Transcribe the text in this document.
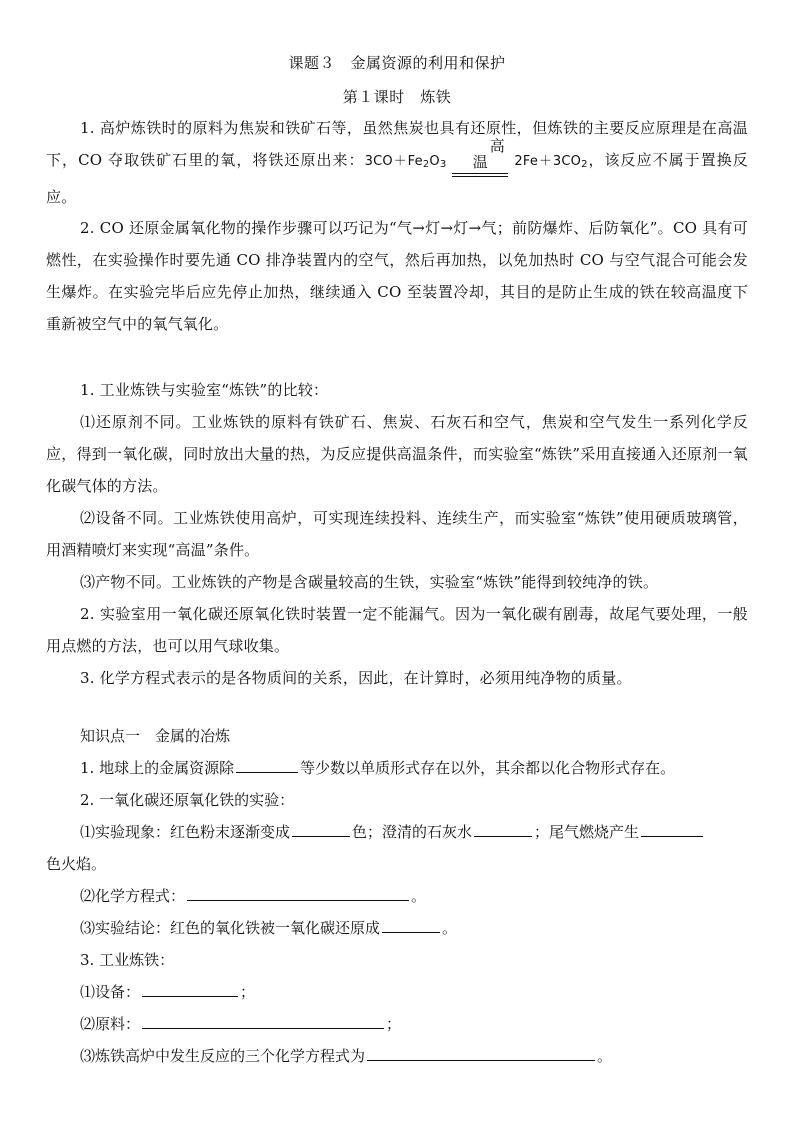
课题３　金属资源的利用和保护
第１课时　炼铁

1. 高炉炼铁时的原料为焦炭和铁矿石等，虽然焦炭也具有还原性，但炼铁的主要反应原理是在高温下，CO 夺取铁矿石里的氧，将铁还原出来：$3CO+Fe_2O_3$
高温	$2Fe+3CO_2$，该反应不属于置换反应。

2. CO 还原金属氧化物的操作步骤可以巧记为“气→灯→灯→气；前防爆炸、后防氧化”。CO 具有可燃性，在实验操作时要先通 CO 排净装置内的空气，然后再加热，以免加热时 CO 与空气混合可能会发生爆炸。在实验完毕后应先停止加热，继续通入 CO 至装置冷却，其目的是防止生成的铁在较高温度下重新被空气中的氧气氧化。

1. 工业炼铁与实验室“炼铁”的比较：

⑴还原剂不同。工业炼铁的原料有铁矿石、焦炭、石灰石和空气，焦炭和空气发生一系列化学反应，得到一氧化碳，同时放出大量的热，为反应提供高温条件，而实验室“炼铁”采用直接通入还原剂一氧化碳气体的方法。

⑵设备不同。工业炼铁使用高炉，可实现连续投料、连续生产，而实验室“炼铁”使用硬质玻璃管，用酒精喷灯来实现“高温”条件。

⑶产物不同。工业炼铁的产物是含碳量较高的生铁，实验室“炼铁”能得到较纯净的铁。

2. 实验室用一氧化碳还原氧化铁时装置一定不能漏气。因为一氧化碳有剧毒，故尾气要处理，一般用点燃的方法，也可以用气球收集。

3. 化学方程式表示的是各物质间的关系，因此，在计算时，必须用纯净物的质量。

知识点一　金属的冶炼
1. 地球上的金属资源除	等少数以单质形式存在以外，其余都以化合物形式存在。
2. 一氧化碳还原氧化铁的实验：
⑴实验现象：红色粉末逐渐变成	色；澄清的石灰水	；尾气燃烧产生
色火焰。
⑵化学方程式：	。
⑶实验结论：红色的氧化铁被一氧化碳还原成	。
3. 工业炼铁：
⑴设备：	；
⑵原料：	；
⑶炼铁高炉中发生反应的三个化学方程式为	。
